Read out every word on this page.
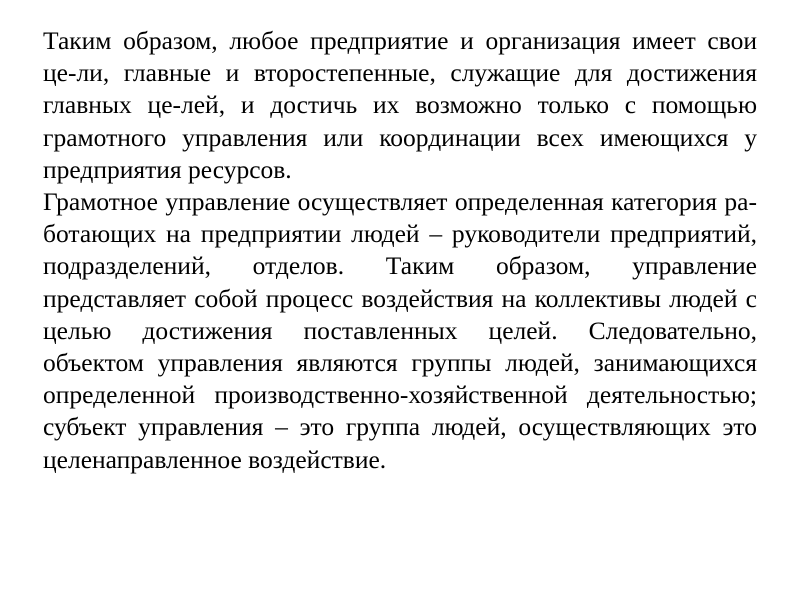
Таким образом, любое предприятие и организация имеет свои це-ли, главные и второстепенные, служащие для достижения главных це-лей, и достичь их возможно только с помощью грамотного управления или координации всех имеющихся у предприятия ресурсов.

Грамотное управление осуществляет определенная категория ра-ботающих на предприятии людей – руководители предприятий, подразделений, отделов. Таким образом, управление представляет собой процесс воздействия на коллективы людей с целью достижения поставленных целей. Следовательно, объектом управления являются группы людей, занимающихся определенной производственно-хозяйственной деятельностью; субъект управления – это группа людей, осуществляющих это целенаправленное воздействие.
